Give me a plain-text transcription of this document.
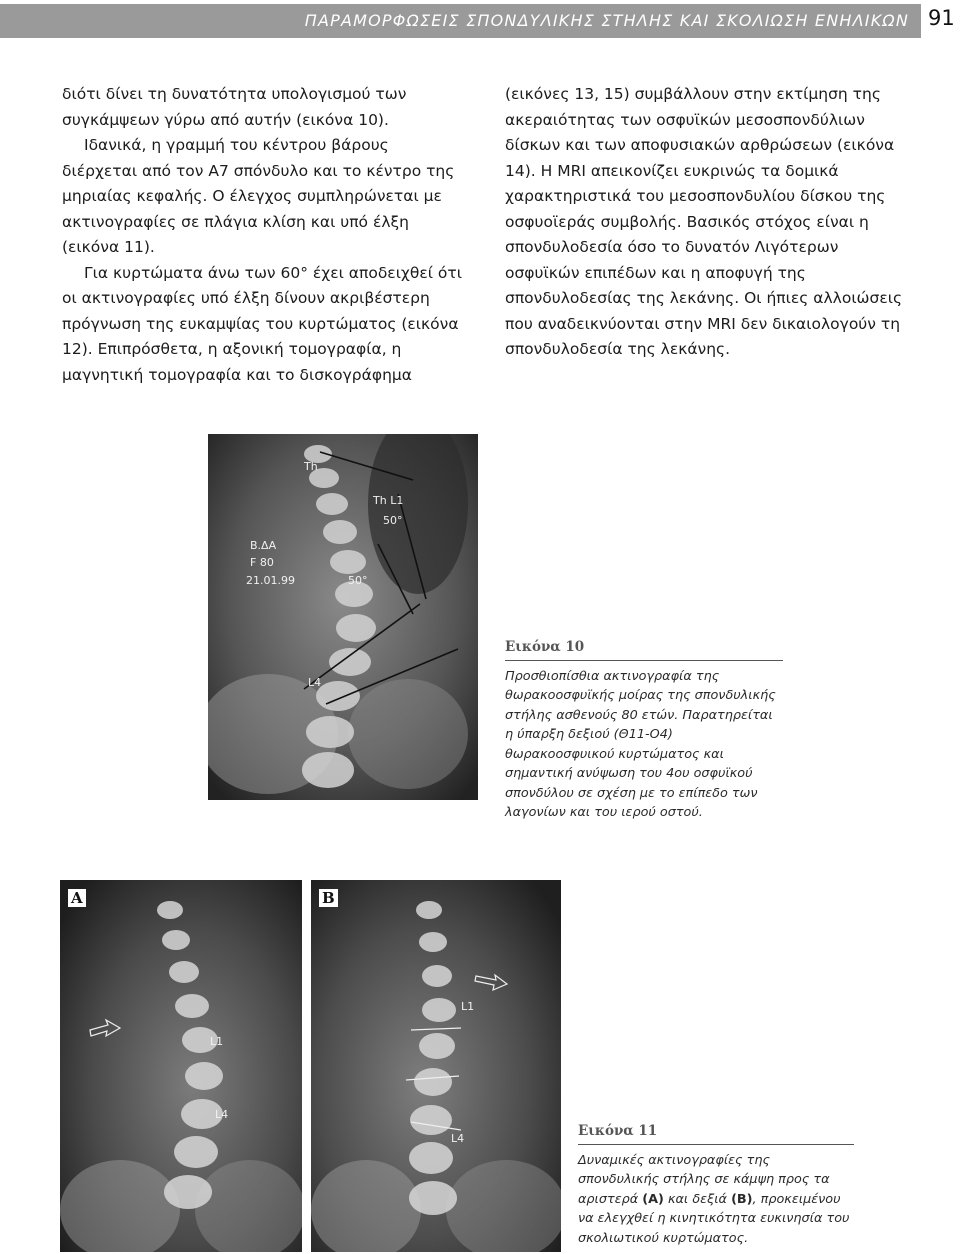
ΠΑΡΑΜΟΡΦΩΣΕΙΣ ΣΠΟΝΔΥΛΙΚΗΣ ΣΤΗΛΗΣ ΚΑΙ ΣΚΟΛΙΩΣΗ ΕΝΗΛΙΚΩΝ 91

διότι δίνει τη δυνατότητα υπολογισμού των συγκάμψεων γύρω από αυτήν (εικόνα 10).

Ιδανικά, η γραμμή του κέντρου βάρους διέρχεται από τον Α7 σπόνδυλο και το κέντρο της μηριαίας κεφαλής. Ο έλεγχος συμπληρώνεται με ακτινογραφίες σε πλάγια κλίση και υπό έλξη (εικόνα 11).

Για κυρτώματα άνω των 60° έχει αποδειχθεί ότι οι ακτινογραφίες υπό έλξη δίνουν ακριβέστερη πρόγνωση της ευκαμψίας του κυρτώματος (εικόνα 12). Επιπρόσθετα, η αξονική τομογραφία, η μαγνητική τομογραφία και το δισκογράφημα

(εικόνες 13, 15) συμβάλλουν στην εκτίμηση της ακεραιότητας των οσφυϊκών μεσοσπονδύλιων δίσκων και των αποφυσιακών αρθρώσεων (εικόνα 14). Η MRI απεικονίζει ευκρινώς τα δομικά χαρακτηριστικά του μεσοσπονδυλίου δίσκου της οσφυοϊεράς συμβολής. Βασικός στόχος είναι η σπονδυλοδεσία όσο το δυνατόν Λιγότερων οσφυϊκών επιπέδων και η αποφυγή της σπονδυλοδεσίας της λεκάνης. Οι ήπιες αλλοιώσεις που αναδεικνύονται στην MRI δεν δικαιολογούν τη σπονδυλοδεσία της λεκάνης.

Th
Th L1
50°
50°
B.ΔA
F 80
21.01.99
L4
Εικόνα 10
Προσθιοπίσθια ακτινογραφία της θωρακοοσφυϊκής μοίρας της σπονδυλικής στήλης ασθενούς 80 ετών. Παρατηρείται η ύπαρξη δεξιού (Θ11-Ο4) θωρακοοσφυικού κυρτώματος και σημαντική ανύψωση του 4ου οσφυϊκού σπονδύλου σε σχέση με το επίπεδο των λαγονίων και του ιερού οστού.
L1
L4
A
L1
L4
B
Εικόνα 11
Δυναμικές ακτινογραφίες της σπονδυλικής στήλης σε κάμψη προς τα αριστερά (A) και δεξιά (B), προκειμένου να ελεγχθεί η κινητικότητα ευκινησία του σκολιωτικού κυρτώματος.
